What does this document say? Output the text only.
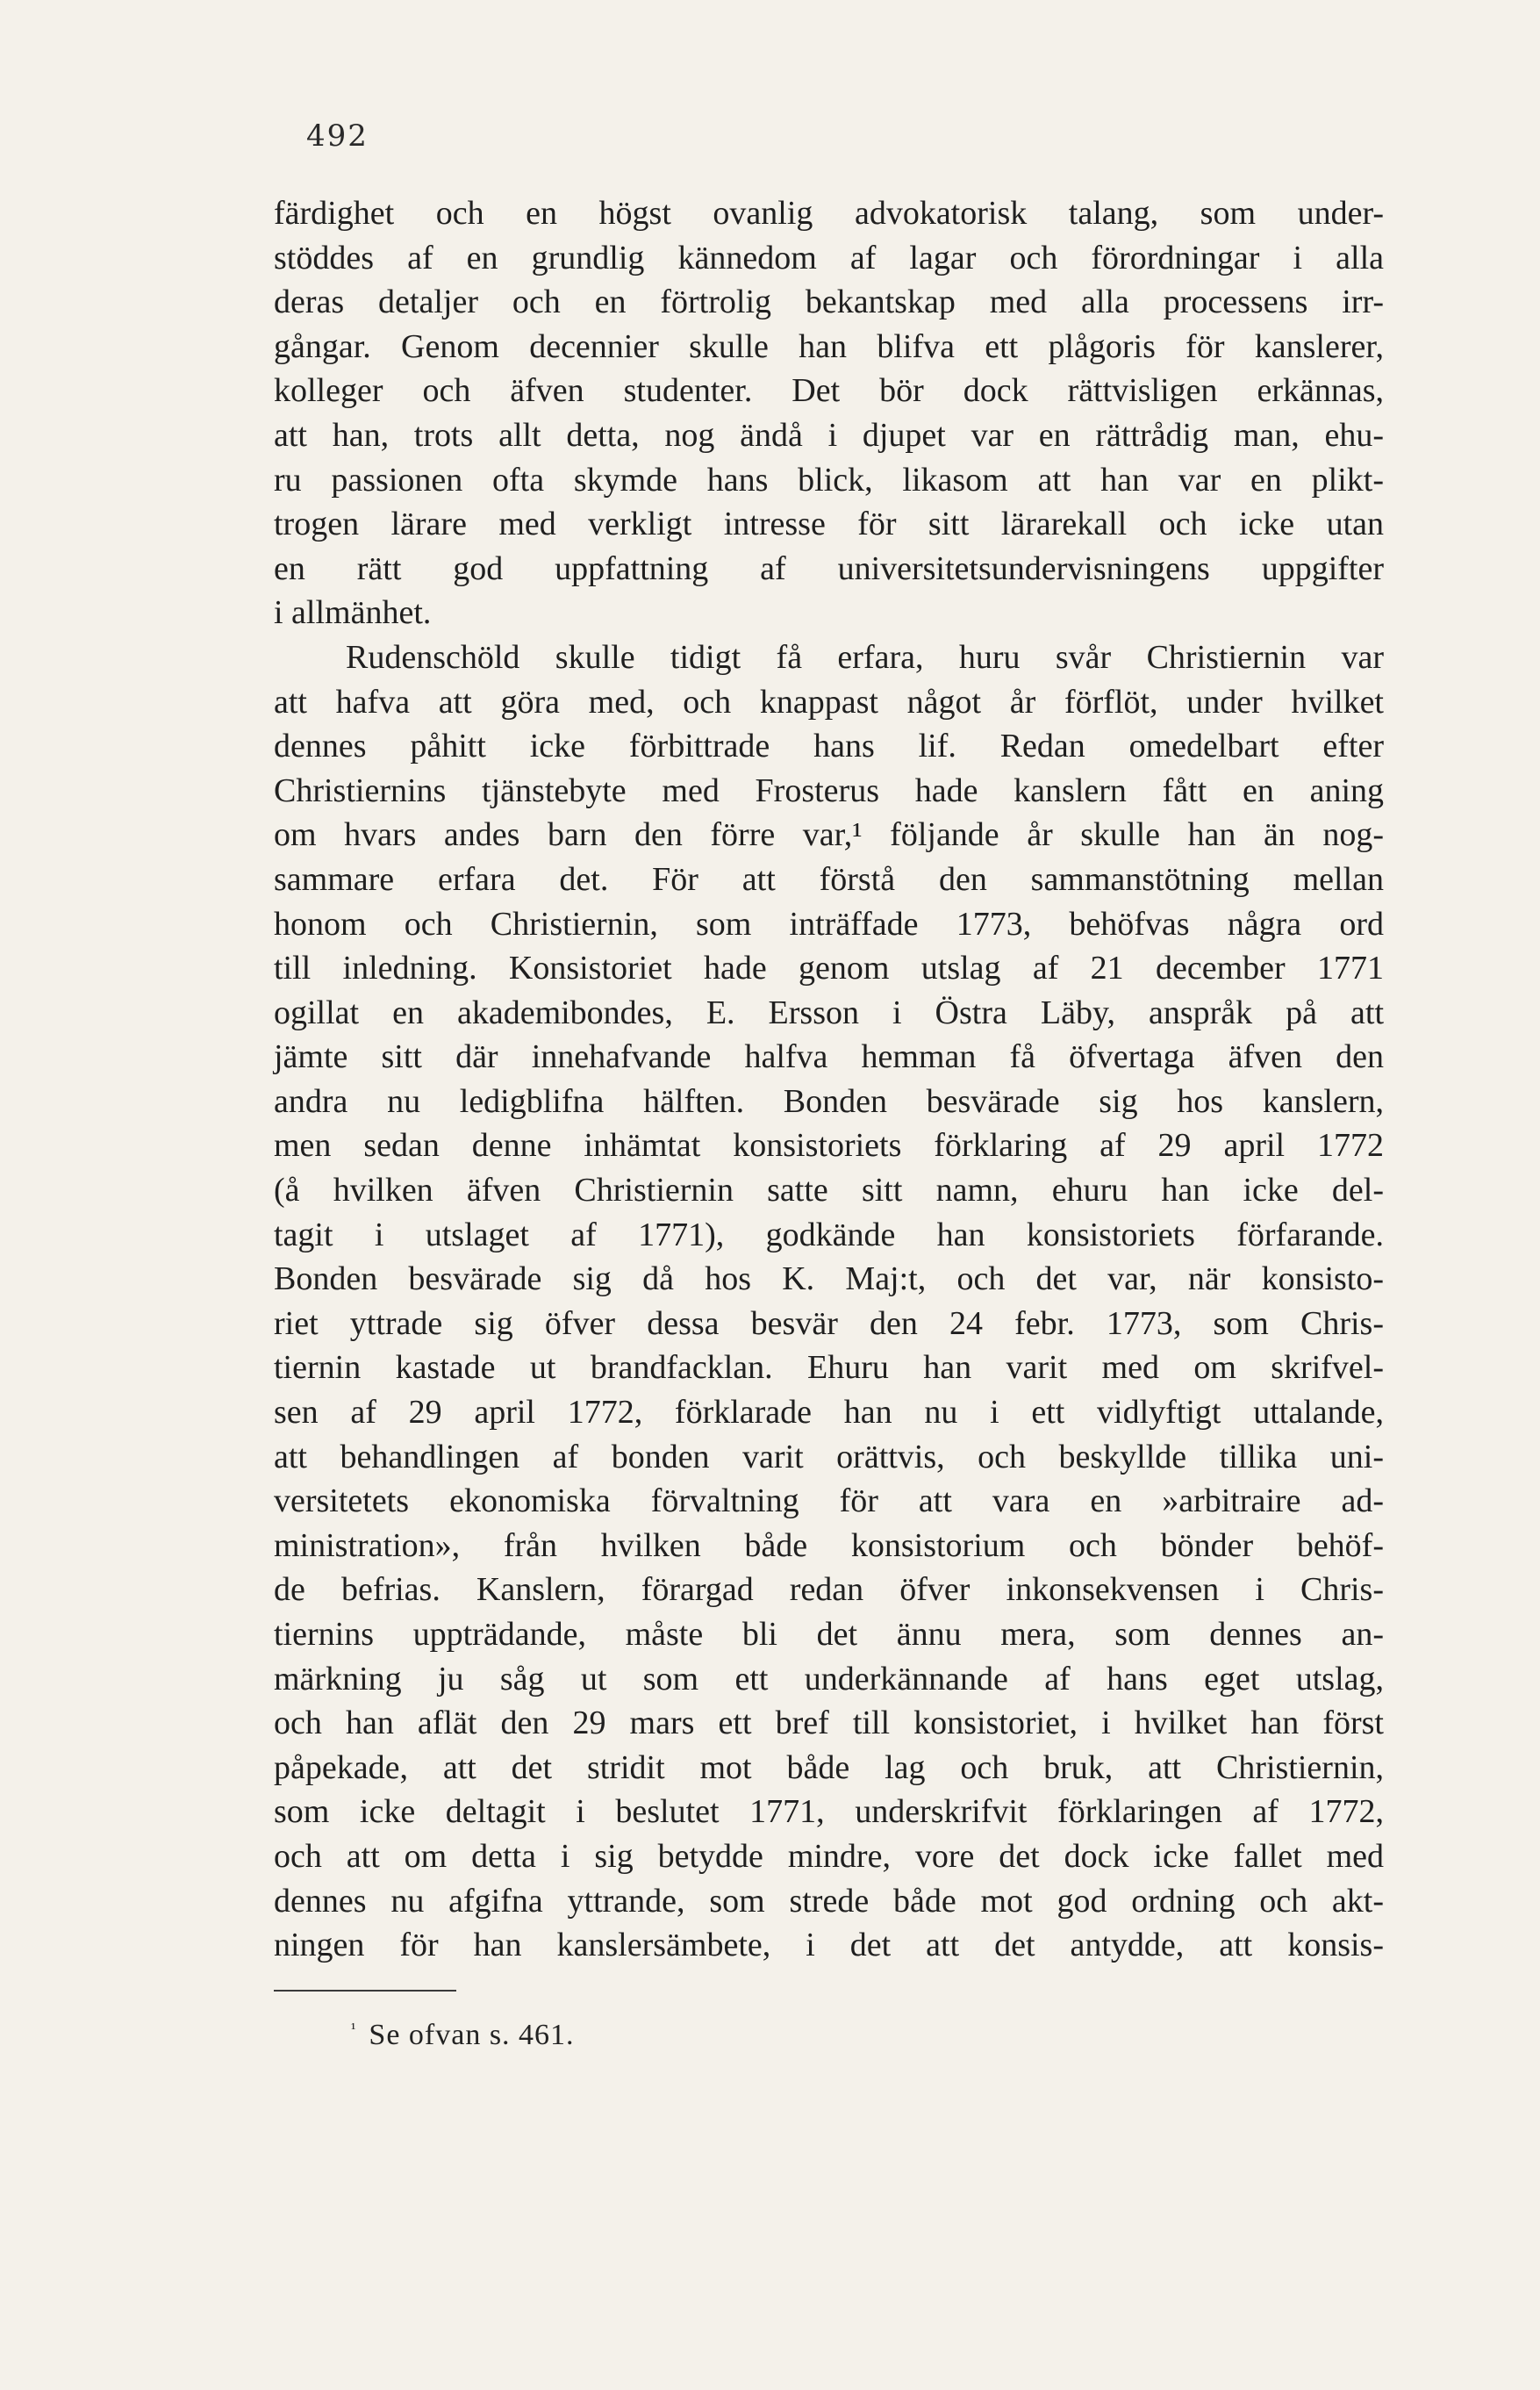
492
färdighet och en högst ovanlig advokatorisk talang, som under-
stöddes af en grundlig kännedom af lagar och förordningar i alla
deras detaljer och en förtrolig bekantskap med alla processens irr-
gångar. Genom decennier skulle han blifva ett plågoris för kanslerer,
kolleger och äfven studenter. Det bör dock rättvisligen erkännas,
att han, trots allt detta, nog ändå i djupet var en rättrådig man, ehu-
ru passionen ofta skymde hans blick, likasom att han var en plikt-
trogen lärare med verkligt intresse för sitt lärarekall och icke utan
en rätt god uppfattning af universitetsundervisningens uppgifter
i allmänhet.
Rudenschöld skulle tidigt få erfara, huru svår Christiernin var
att hafva att göra med, och knappast något år förflöt, under hvilket
dennes påhitt icke förbittrade hans lif. Redan omedelbart efter
Christiernins tjänstebyte med Frosterus hade kanslern fått en aning
om hvars andes barn den förre var,¹ följande år skulle han än nog-
sammare erfara det. För att förstå den sammanstötning mellan
honom och Christiernin, som inträffade 1773, behöfvas några ord
till inledning. Konsistoriet hade genom utslag af 21 december 1771
ogillat en akademibondes, E. Ersson i Östra Läby, anspråk på att
jämte sitt där innehafvande halfva hemman få öfvertaga äfven den
andra nu ledigblifna hälften. Bonden besvärade sig hos kanslern,
men sedan denne inhämtat konsistoriets förklaring af 29 april 1772
(å hvilken äfven Christiernin satte sitt namn, ehuru han icke del-
tagit i utslaget af 1771), godkände han konsistoriets förfarande.
Bonden besvärade sig då hos K. Maj:t, och det var, när konsisto-
riet yttrade sig öfver dessa besvär den 24 febr. 1773, som Chris-
tiernin kastade ut brandfacklan. Ehuru han varit med om skrifvel-
sen af 29 april 1772, förklarade han nu i ett vidlyftigt uttalande,
att behandlingen af bonden varit orättvis, och beskyllde tillika uni-
versitetets ekonomiska förvaltning för att vara en »arbitraire ad-
ministration», från hvilken både konsistorium och bönder behöf-
de befrias. Kanslern, förargad redan öfver inkonsekvensen i Chris-
tiernins uppträdande, måste bli det ännu mera, som dennes an-
märkning ju såg ut som ett underkännande af hans eget utslag,
och han aflät den 29 mars ett bref till konsistoriet, i hvilket han först
påpekade, att det stridit mot både lag och bruk, att Christiernin,
som icke deltagit i beslutet 1771, underskrifvit förklaringen af 1772,
och att om detta i sig betydde mindre, vore det dock icke fallet med
dennes nu afgifna yttrande, som strede både mot god ordning och akt-
ningen för han kanslersämbete, i det att det antydde, att konsis-
$^{^1}$ Se ofvan s. 461.
